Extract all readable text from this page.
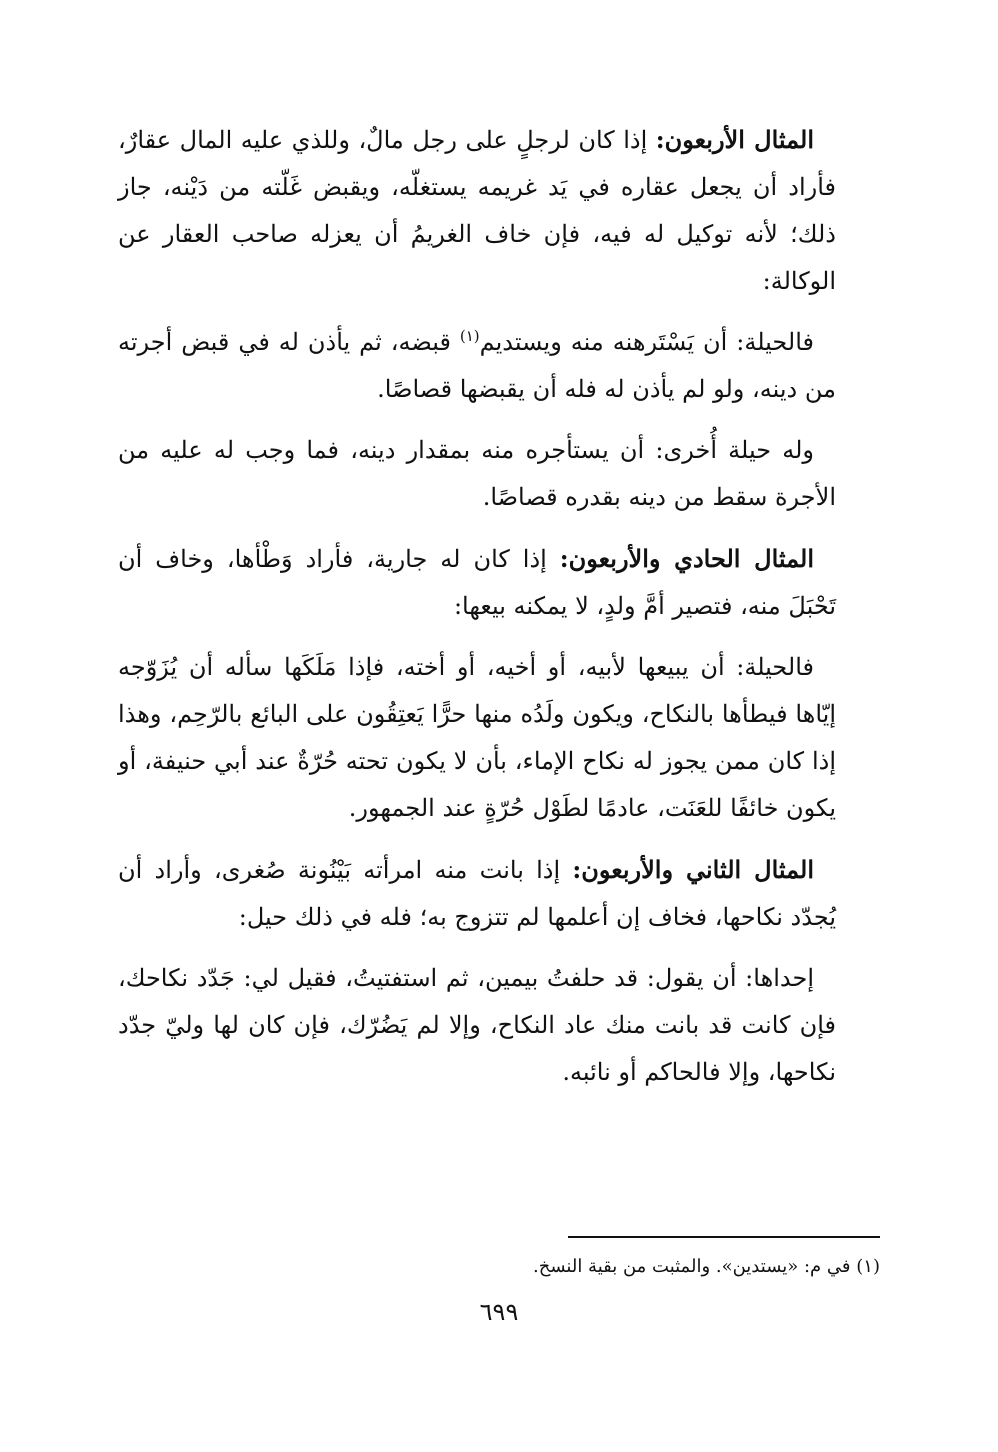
المثال الأربعون: إذا كان لرجلٍ على رجل مالٌ، وللذي عليه المال عقارٌ، فأراد أن يجعل عقاره في يَد غريمه يستغلّه، ويقبض غَلّته من دَيْنه، جاز ذلك؛ لأنه توكيل له فيه، فإن خاف الغريمُ أن يعزله صاحب العقار عن الوكالة:

فالحيلة: أن يَسْتَرهنه منه ويستديم$^{(١)}$ قبضه، ثم يأذن له في قبض أجرته من دينه، ولو لم يأذن له فله أن يقبضها قصاصًا.

وله حيلة أُخرى: أن يستأجره منه بمقدار دينه، فما وجب له عليه من الأجرة سقط من دينه بقدره قصاصًا.

المثال الحادي والأربعون: إذا كان له جارية، فأراد وَطْأها، وخاف أن تَحْبَلَ منه، فتصير أمَّ ولدٍ، لا يمكنه بيعها:

فالحيلة: أن يبيعها لأبيه، أو أخيه، أو أخته، فإذا مَلَكَها سأله أن يُزَوّجه إيّاها فيطأها بالنكاح، ويكون ولَدُه منها حرًّا يَعتِقُون على البائع بالرّحِم، وهذا إذا كان ممن يجوز له نكاح الإماء، بأن لا يكون تحته حُرّةٌ عند أبي حنيفة، أو يكون خائفًا للعَنَت، عادمًا لطَوْل حُرّةٍ عند الجمهور.

المثال الثاني والأربعون: إذا بانت منه امرأته بَيْنُونة صُغرى، وأراد أن يُجدّد نكاحها، فخاف إن أعلمها لم تتزوج به؛ فله في ذلك حيل:

إحداها: أن يقول: قد حلفتُ بيمين، ثم استفتيتُ، فقيل لي: جَدّد نكاحك، فإن كانت قد بانت منك عاد النكاح، وإلا لم يَضُرّك، فإن كان لها وليّ جدّد نكاحها، وإلا فالحاكم أو نائبه.

(١) في م: «يستدين». والمثبت من بقية النسخ.
٦٩٩
